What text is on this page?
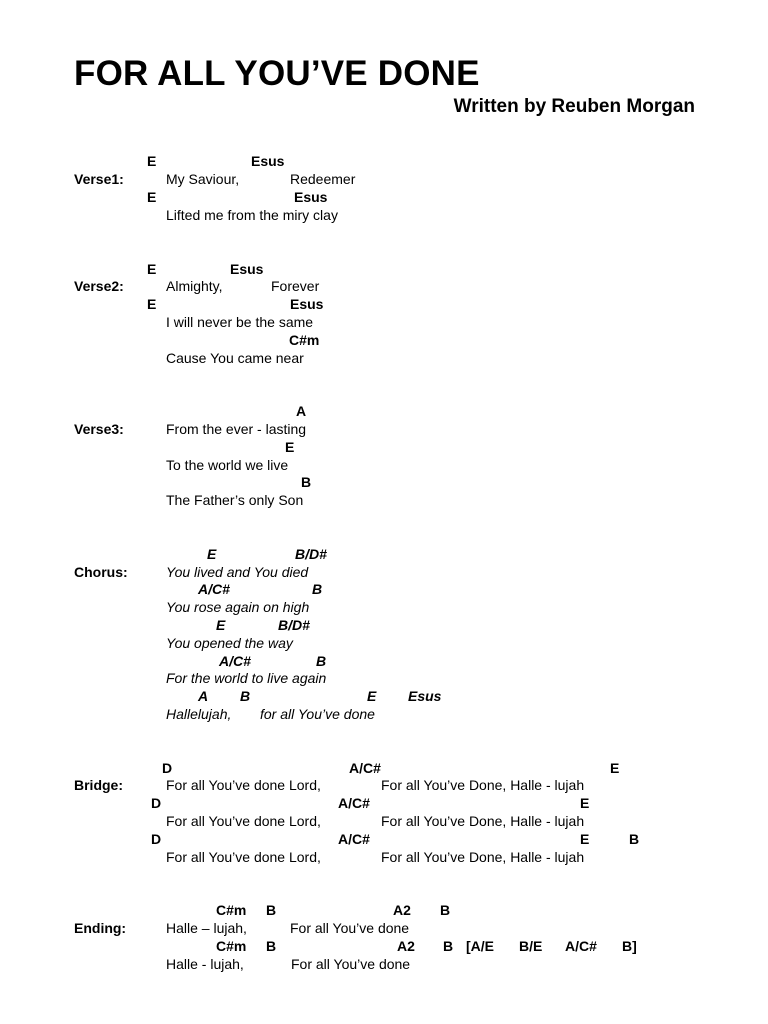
FOR ALL YOU’VE DONE
Written by Reuben Morgan
E	Esus
Verse1:	My Saviour,	Redeemer
E	Esus
Lifted me from the miry clay
E	Esus
Verse2:	Almighty,	Forever
E	Esus
I will never be the same
C#m
Cause You came near
A
Verse3:	From the ever - lasting
E
To the world we live
B
The Father’s only Son
E	B/D#
Chorus:	You lived and You died
A/C#	B
You rose again on high
E	B/D#
You opened the way
A/C#	B
For the world to live again
A B	E Esus
Hallelujah, for all You’ve done
D	A/C#	E
Bridge:	For all You’ve done Lord,	For all You’ve Done, Halle - lujah
D	A/C#	E
For all You’ve done Lord,	For all You’ve Done, Halle - lujah
D	A/C#	E	B
For all You’ve done Lord,	For all You’ve Done, Halle - lujah
C#m B	A2 B
Ending:	Halle – lujah,	For all You’ve done
C#m B	A2 B [A/E B/E A/C# B]
Halle - lujah,	For all You’ve done
